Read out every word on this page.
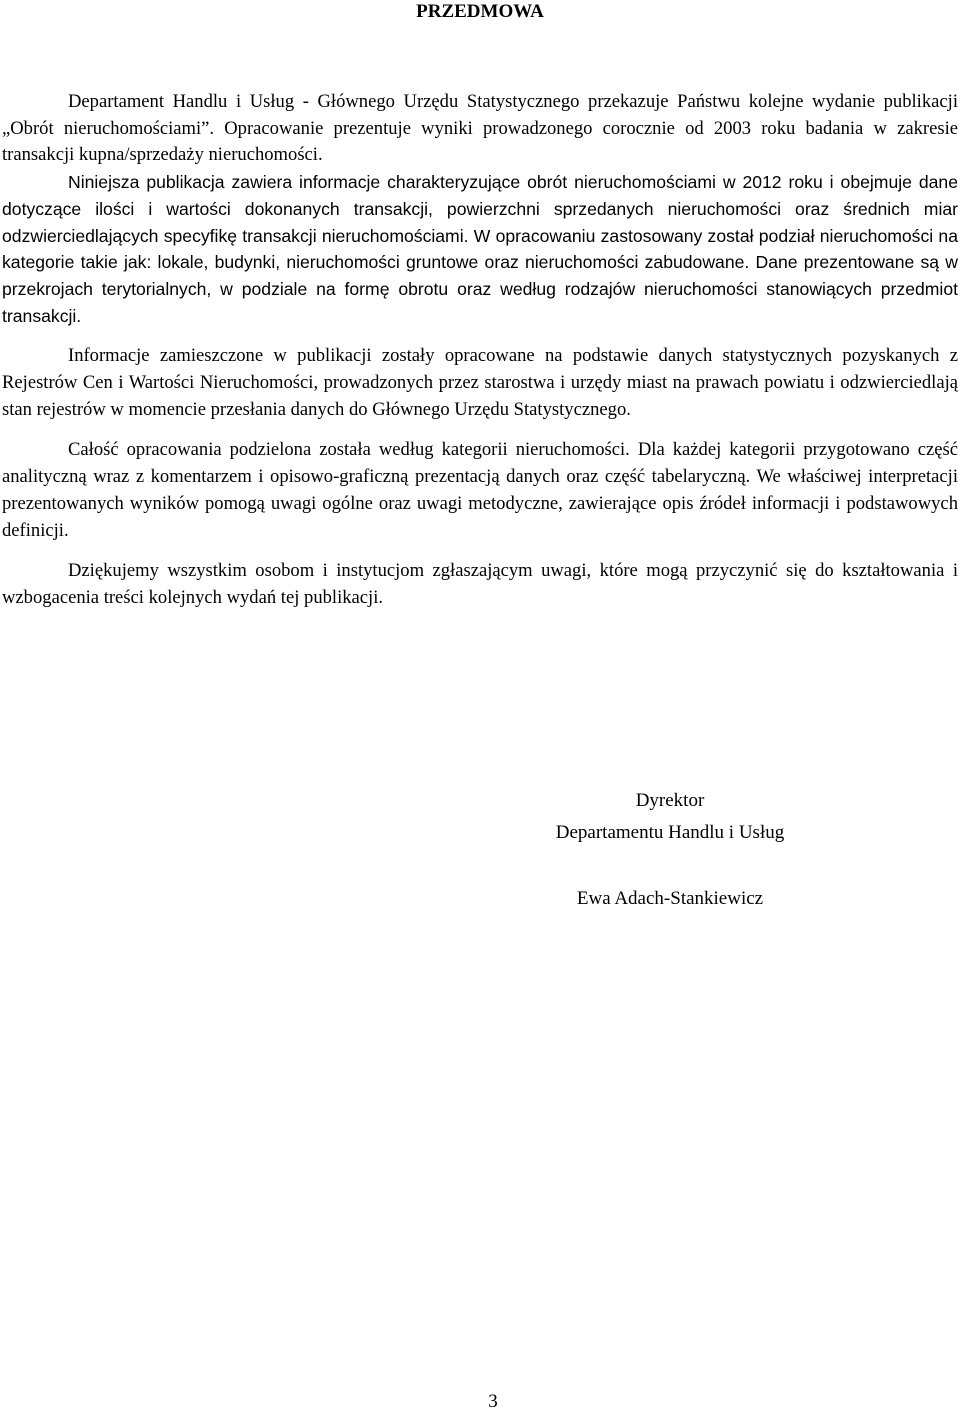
PRZEDMOWA

Departament Handlu i Usług - Głównego Urzędu Statystycznego przekazuje Państwu kolejne wydanie publikacji „Obrót nieruchomościami”. Opracowanie prezentuje wyniki prowadzonego corocznie od 2003 roku badania w zakresie transakcji kupna/sprzedaży nieruchomości.

Niniejsza publikacja zawiera informacje charakteryzujące obrót nieruchomościami w 2012 roku i obejmuje dane dotyczące ilości i wartości dokonanych transakcji, powierzchni sprzedanych nieruchomości oraz średnich miar odzwierciedlających specyfikę transakcji nieruchomościami. W opracowaniu zastosowany został podział nieruchomości na kategorie takie jak: lokale, budynki, nieruchomości gruntowe oraz nieruchomości zabudowane. Dane prezentowane są w przekrojach terytorialnych, w podziale na formę obrotu oraz według rodzajów nieruchomości stanowiących przedmiot transakcji.

Informacje zamieszczone w publikacji zostały opracowane na podstawie danych statystycznych pozyskanych z Rejestrów Cen i Wartości Nieruchomości, prowadzonych przez starostwa i urzędy miast na prawach powiatu i odzwierciedlają stan rejestrów w momencie przesłania danych do Głównego Urzędu Statystycznego.

Całość opracowania podzielona została według kategorii nieruchomości. Dla każdej kategorii przygotowano część analityczną wraz z komentarzem i opisowo-graficzną prezentacją danych oraz część tabelaryczną. We właściwej interpretacji prezentowanych wyników pomogą uwagi ogólne oraz uwagi metodyczne, zawierające opis źródeł informacji i podstawowych definicji.

Dziękujemy wszystkim osobom i instytucjom zgłaszającym uwagi, które mogą przyczynić się do kształtowania i wzbogacenia treści kolejnych wydań tej publikacji.

Dyrektor
Departamentu Handlu i Usług
Ewa Adach-Stankiewicz
3
